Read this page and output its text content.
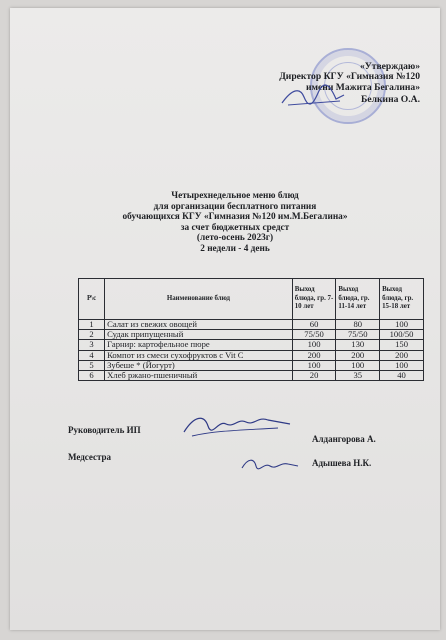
«Утверждаю»
Директор КГУ «Гимназия №120
имени Мажита Бегалина»
Белкина О.А.
Четырехнедельное меню блюд
для организации бесплатного питания
обучающихся КГУ «Гимназия №120 им.М.Бегалина»
за счет бюджетных средст
(лето-осень 2023г)
2 недели - 4 день
Р\с	Наименование блюд	Выход блюда, гр. 7-10 лет	Выход блюда, гр. 11-14 лет	Выход блюда, гр. 15-18 лет
1	Салат из свежих овощей	60	80	100
2	Судак припущенный	75/50	75/50	100/50
3	Гарнир: картофельное пюре	100	130	150
4	Компот из смеси сухофруктов с Vit C	200	200	200
5	Зубеше * (Йогурт)	100	100	100
6	Хлеб ржано-пшеничный	20	35	40
Руководитель ИП
Алдангорова А.
Медсестра
Адышева Н.К.
